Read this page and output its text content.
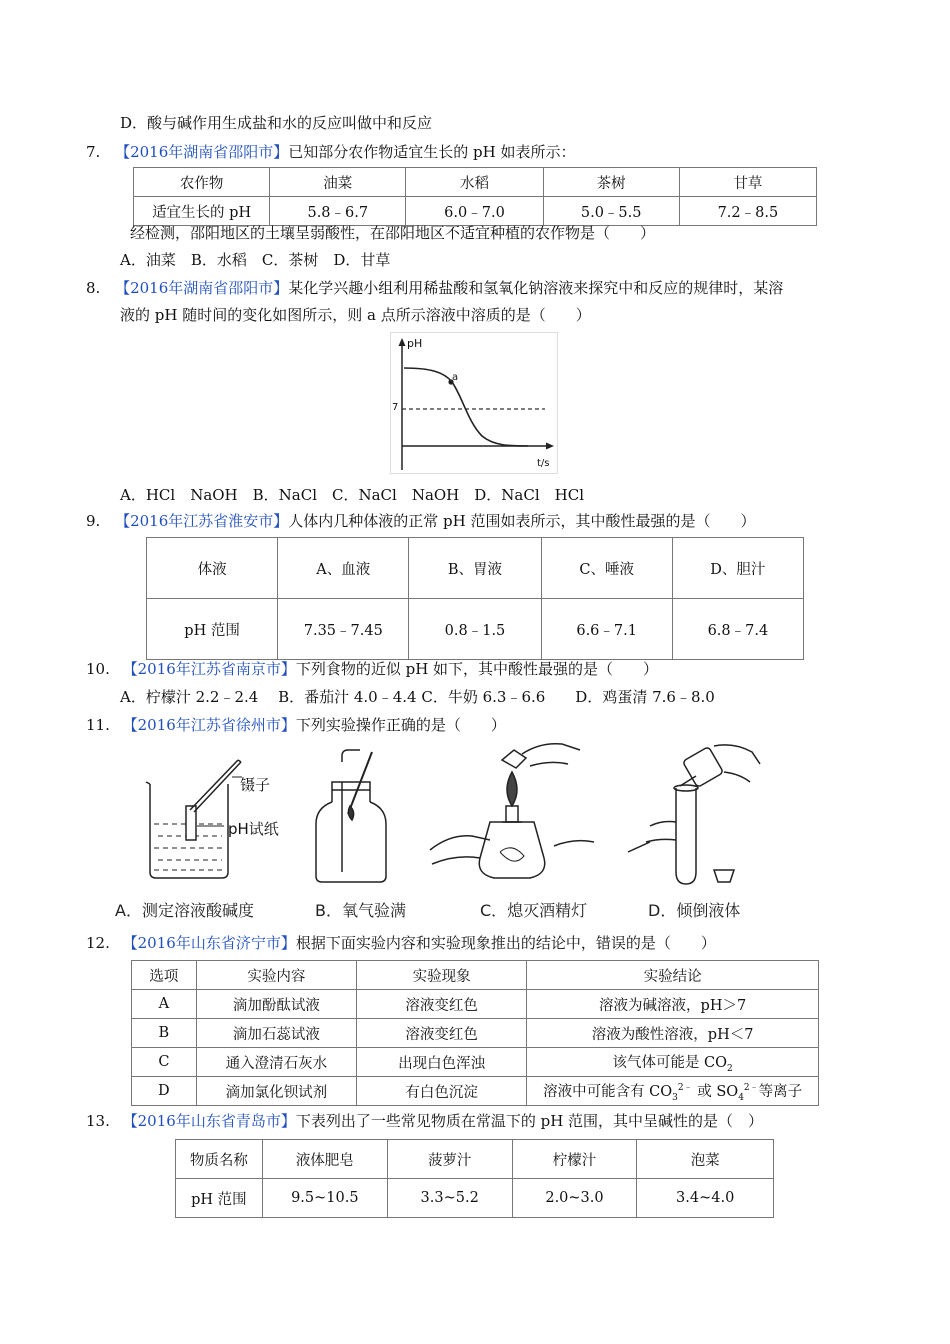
D．酸与碱作用生成盐和水的反应叫做中和反应
7. 【2016年湖南省邵阳市】已知部分农作物适宜生长的 pH 如表所示：
农作物	油菜	水稻	茶树	甘草
适宜生长的 pH	5.8﹣6.7	6.0﹣7.0	5.0﹣5.5	7.2﹣8.5
经检测，邵阳地区的土壤呈弱酸性，在邵阳地区不适宜种植的农作物是（　　）
A．油菜　B．水稻　C．茶树　D．甘草
8. 【2016年湖南省邵阳市】某化学兴趣小组利用稀盐酸和氢氧化钠溶液来探究中和反应的规律时，某溶
液的 pH 随时间的变化如图所示，则 a 点所示溶液中溶质的是（　　）
pH
a
7
t/s
A．HCl　NaOH　B．NaCl　C．NaCl　NaOH　D．NaCl　HCl
9. 【2016年江苏省淮安市】人体内几种体液的正常 pH 范围如表所示，其中酸性最强的是（　　）
体液	A、血液	B、胃液	C、唾液	D、胆汁
pH 范围	7.35﹣7.45	0.8﹣1.5	6.6﹣7.1	6.8﹣7.4
10. 【2016年江苏省南京市】下列食物的近似 pH 如下，其中酸性最强的是（　　）
A．柠檬汁 2.2﹣2.4　 B．番茄汁 4.0﹣4.4 C．牛奶 6.3﹣6.6　　D．鸡蛋清 7.6﹣8.0
11. 【2016年江苏省徐州市】下列实验操作正确的是（　　）
镊子
pH试纸
A．测定溶液酸碱度	B．氧气验满	C．熄灭酒精灯	D．倾倒液体
12. 【2016年山东省济宁市】根据下面实验内容和实验现象推出的结论中，错误的是（　　）
选项	实验内容	实验现象	实验结论
A	滴加酚酞试液	溶液变红色	溶液为碱溶液，pH＞7
B	滴加石蕊试液	溶液变红色	溶液为酸性溶液，pH＜7
C	通入澄清石灰水	出现白色浑浊	该气体可能是 $CO_2$
D	滴加氯化钡试剂	有白色沉淀	溶液中可能含有 $CO_3^{2﹣}$ 或 $SO_4^{2﹣}$等离子
13. 【2016年山东省青岛市】下表列出了一些常见物质在常温下的 pH 范围，其中呈碱性的是（　）
物质名称	液体肥皂	菠萝汁	柠檬汁	泡菜
pH 范围	9.5~10.5	3.3~5.2	2.0~3.0	3.4~4.0
